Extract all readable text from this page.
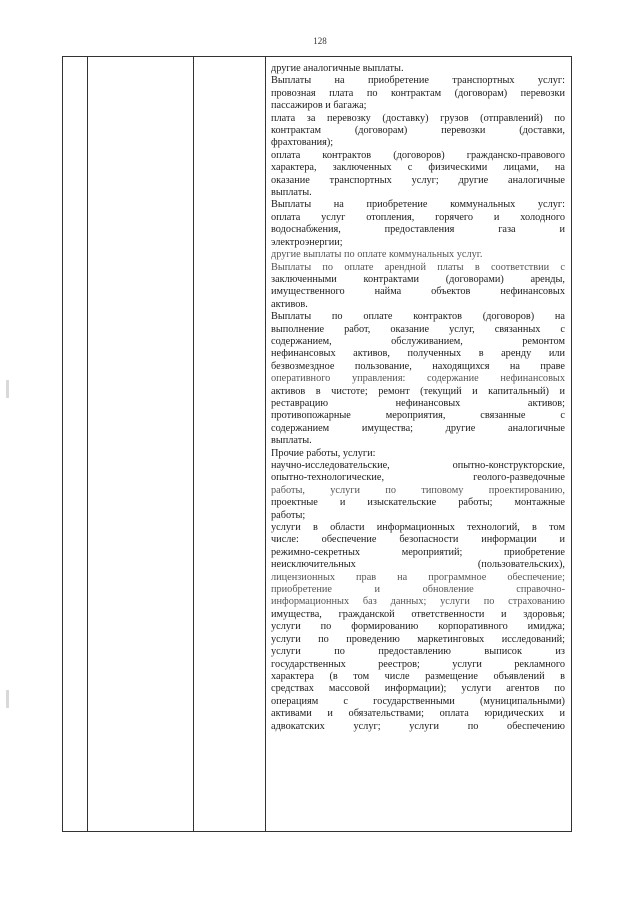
128

другие аналогичные выплаты.

Выплаты на приобретение транспортных услуг:

провозная плата по контрактам (договорам) перевозки

пассажиров и багажа;

плата за перевозку (доставку) грузов (отправлений) по

контрактам (договорам) перевозки (доставки,

фрахтования);

оплата контрактов (договоров) гражданско-правового

характера, заключенных с физическими лицами, на

оказание транспортных услуг; другие аналогичные

выплаты.

Выплаты на приобретение коммунальных услуг:

оплата услуг отопления, горячего и холодного

водоснабжения, предоставления газа и

электроэнергии;

другие выплаты по оплате коммунальных услуг.

Выплаты по оплате арендной платы в соответствии с

заключенными контрактами (договорами) аренды,

имущественного найма объектов нефинансовых

активов.

Выплаты по оплате контрактов (договоров) на

выполнение работ, оказание услуг, связанных с

содержанием, обслуживанием, ремонтом

нефинансовых активов, полученных в аренду или

безвозмездное пользование, находящихся на праве

оперативного управления: содержание нефинансовых

активов в чистоте; ремонт (текущий и капитальный) и

реставрацию нефинансовых активов;

противопожарные мероприятия, связанные с

содержанием имущества; другие аналогичные

выплаты.

Прочие работы, услуги:

научно-исследовательские, опытно-конструкторские,

опытно-технологические, геолого-разведочные

работы, услуги по типовому проектированию,

проектные и изыскательские работы; монтажные

работы;

услуги в области информационных технологий, в том

числе: обеспечение безопасности информации и

режимно-секретных мероприятий; приобретение

неисключительных (пользовательских),

лицензионных прав на программное обеспечение;

приобретение и обновление справочно-

информационных баз данных; услуги по страхованию

имущества, гражданской ответственности и здоровья;

услуги по формированию корпоративного имиджа;

услуги по проведению маркетинговых исследований;

услуги по предоставлению выписок из

государственных реестров; услуги рекламного

характера (в том числе размещение объявлений в

средствах массовой информации); услуги агентов по

операциям с государственными (муниципальными)

активами и обязательствами; оплата юридических и

адвокатских услуг; услуги по обеспечению
